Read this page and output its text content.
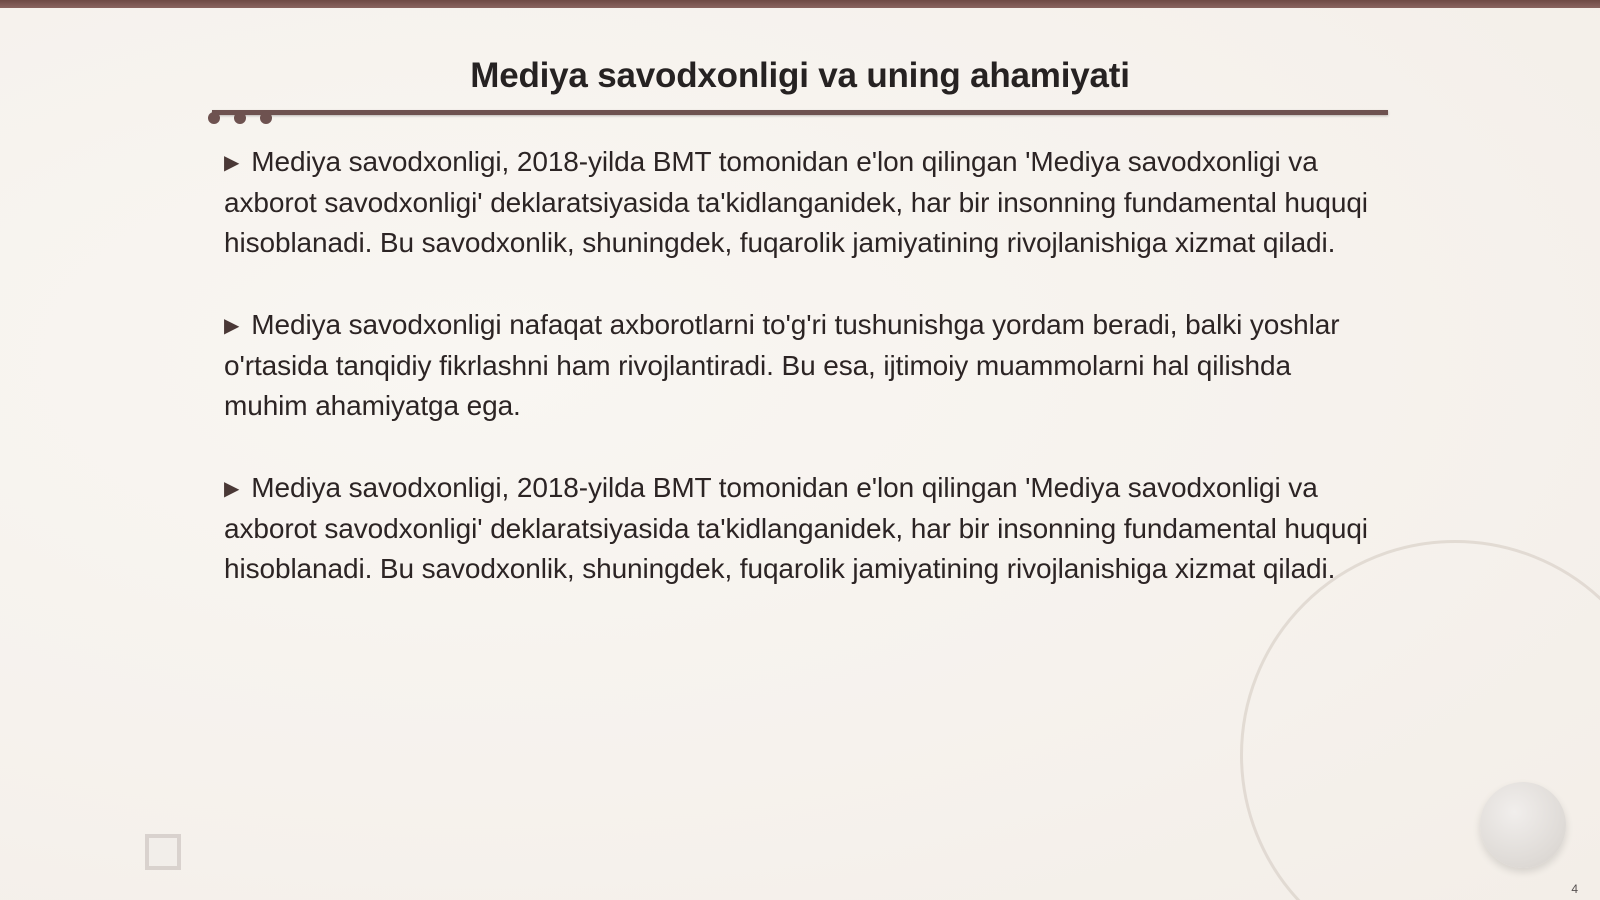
Mediya savodxonligi va uning ahamiyati

▶ Mediya savodxonligi, 2018-yilda BMT tomonidan e'lon qilingan 'Mediya savodxonligi va axborot savodxonligi' deklaratsiyasida ta'kidlanganidek, har bir insonning fundamental huquqi hisoblanadi. Bu savodxonlik, shuningdek, fuqarolik jamiyatining rivojlanishiga xizmat qiladi.

▶ Mediya savodxonligi nafaqat axborotlarni to'g'ri tushunishga yordam beradi, balki yoshlar o'rtasida tanqidiy fikrlashni ham rivojlantiradi. Bu esa, ijtimoiy muammolarni hal qilishda muhim ahamiyatga ega.

▶ Mediya savodxonligi, 2018-yilda BMT tomonidan e'lon qilingan 'Mediya savodxonligi va axborot savodxonligi' deklaratsiyasida ta'kidlanganidek, har bir insonning fundamental huquqi hisoblanadi. Bu savodxonlik, shuningdek, fuqarolik jamiyatining rivojlanishiga xizmat qiladi.

4
